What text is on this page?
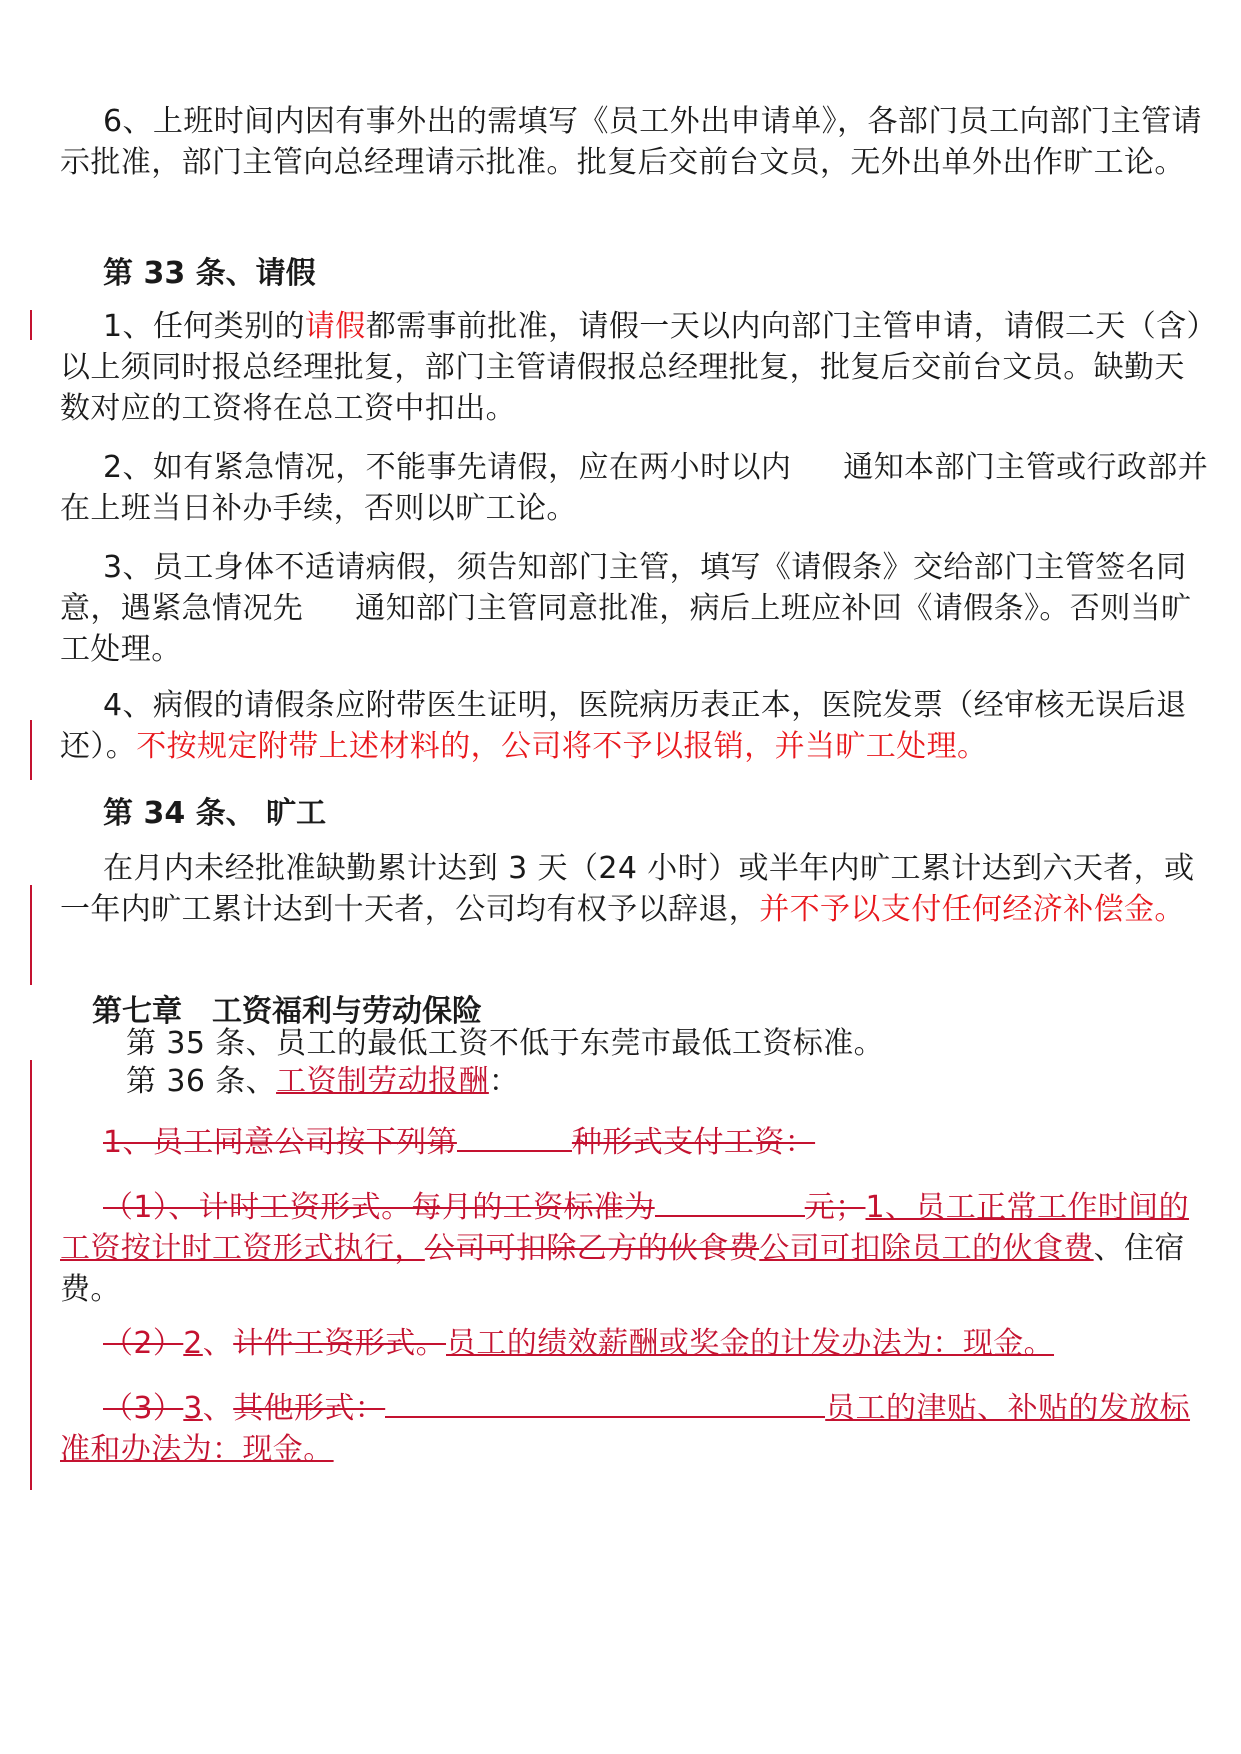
6、上班时间内因有事外出的需填写《员工外出申请单》，各部门员工向部门主管请示批准，部门主管向总经理请示批准。批复后交前台文员，无外出单外出作旷工论。

第 33 条、请假

1、任何类别的请假都需事前批准，请假一天以内向部门主管申请，请假二天（含）以上须同时报总经理批复，部门主管请假报总经理批复，批复后交前台文员。缺勤天数对应的工资将在总工资中扣出。

2、如有紧急情况，不能事先请假，应在两小时以内 通知本部门主管或行政部并在上班当日补办手续，否则以旷工论。

3、员工身体不适请病假，须告知部门主管，填写《请假条》交给部门主管签名同意，遇紧急情况先 通知部门主管同意批准，病后上班应补回《请假条》。否则当旷工处理。

4、病假的请假条应附带医生证明，医院病历表正本，医院发票（经审核无误后退还）。不按规定附带上述材料的，公司将不予以报销，并当旷工处理。

第 34 条、 旷工

在月内未经批准缺勤累计达到 3 天（24 小时）或半年内旷工累计达到六天者，或一年内旷工累计达到十天者，公司均有权予以辞退，并不予以支付任何经济补偿金。

第七章　工资福利与劳动保险

第 35 条、员工的最低工资不低于东莞市最低工资标准。

第 36 条、工资制劳动报酬：

1、员工同意公司按下列第	种形式支付工资：

（1）、计时工资形式。每月的工资标准为	元；1、员工正常工作时间的工资按计时工资形式执行，公司可扣除乙方的伙食费公司可扣除员工的伙食费、住宿费。

（2）2、计件工资形式。员工的绩效薪酬或奖金的计发办法为：现金。

（3）3、其他形式：	员工的津贴、补贴的发放标准和办法为：现金。
